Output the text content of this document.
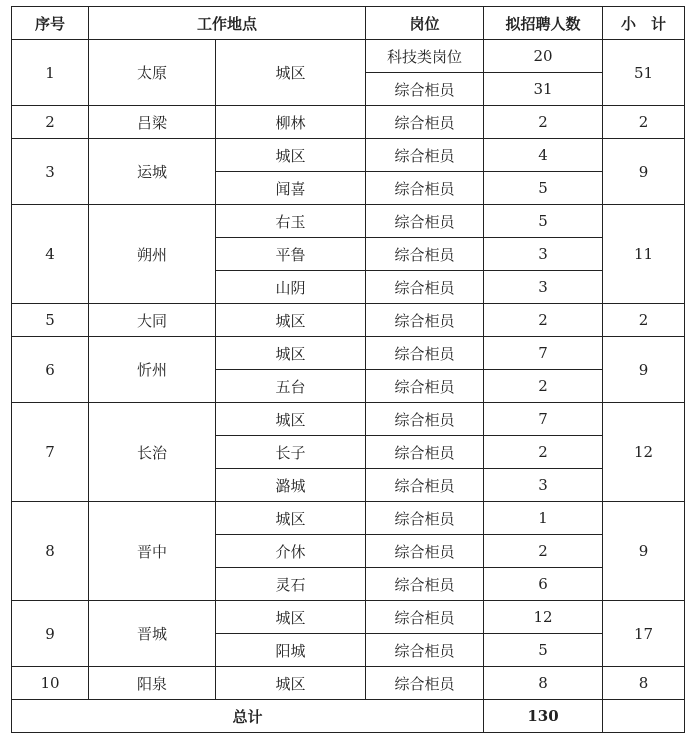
序号	工作地点		岗位	拟招聘人数	小　计
1	太原	城区	科技类岗位	20	51
			综合柜员	31	
2	吕梁	柳林	综合柜员	2	2
3	运城	城区	综合柜员	4	9
		闻喜	综合柜员	5	
4	朔州	右玉	综合柜员	5	11
		平鲁	综合柜员	3	
		山阴	综合柜员	3	
5	大同	城区	综合柜员	2	2
6	忻州	城区	综合柜员	7	9
		五台	综合柜员	2	
7	长治	城区	综合柜员	7	12
		长子	综合柜员	2	
		潞城	综合柜员	3	
8	晋中	城区	综合柜员	1	9
		介休	综合柜员	2	
		灵石	综合柜员	6	
9	晋城	城区	综合柜员	12	17
		阳城	综合柜员	5	
10	阳泉	城区	综合柜员	8	8
总计				130	
